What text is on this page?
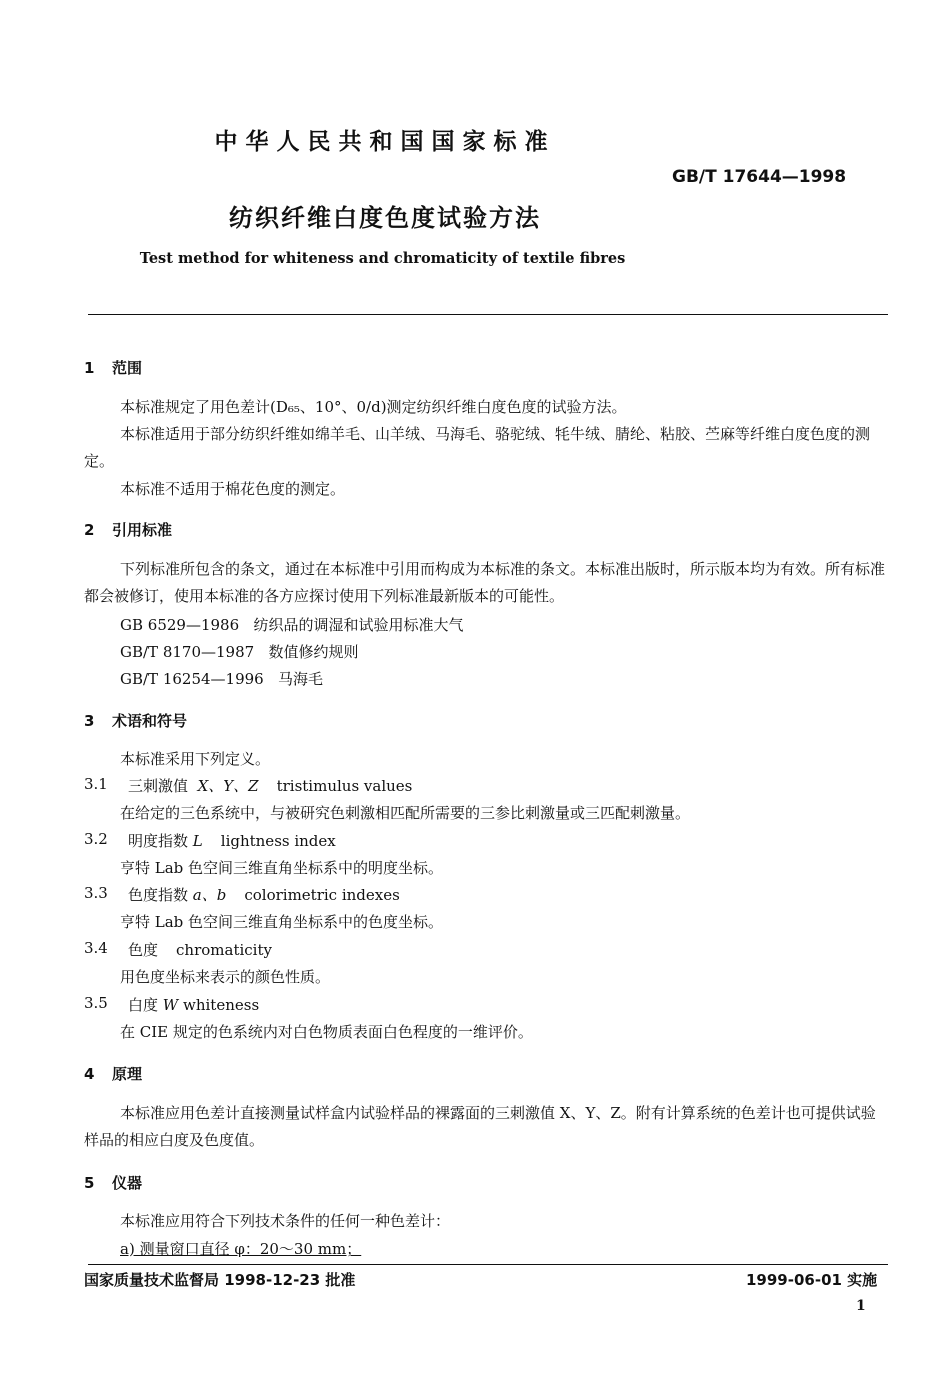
中华人民共和国国家标准
GB/T 17644—1998
纺织纤维白度色度试验方法
Test method for whiteness and chromaticity of textile fibres
1 范围
本标准规定了用色差计(D₆₅、10°、0/d)测定纺织纤维白度色度的试验方法。
本标准适用于部分纺织纤维如绵羊毛、山羊绒、马海毛、骆驼绒、牦牛绒、腈纶、粘胶、苎麻等纤维白度色度的测定。
本标准不适用于棉花色度的测定。
2 引用标准
下列标准所包含的条文，通过在本标准中引用而构成为本标准的条文。本标准出版时，所示版本均为有效。所有标准都会被修订，使用本标准的各方应探讨使用下列标准最新版本的可能性。
GB 6529—1986 纺织品的调湿和试验用标准大气
GB/T 8170—1987 数值修约规则
GB/T 16254—1996 马海毛
3 术语和符号
本标准采用下列定义。
3.1 三刺激值 X、Y、Z tristimulus values
在给定的三色系统中，与被研究色刺激相匹配所需要的三参比刺激量或三匹配刺激量。
3.2 明度指数 L lightness index
亨特 Lab 色空间三维直角坐标系中的明度坐标。
3.3 色度指数 a、b colorimetric indexes
亨特 Lab 色空间三维直角坐标系中的色度坐标。
3.4 色度 chromaticity
用色度坐标来表示的颜色性质。
3.5 白度 W whiteness
在 CIE 规定的色系统内对白色物质表面白色程度的一维评价。
4 原理
本标准应用色差计直接测量试样盒内试验样品的裸露面的三刺激值 X、Y、Z。附有计算系统的色差计也可提供试验样品的相应白度及色度值。
5 仪器
本标准应用符合下列技术条件的任何一种色差计：
a) 测量窗口直径 φ：20～30 mm；
国家质量技术监督局 1998-12-23 批准	1999-06-01 实施
1
